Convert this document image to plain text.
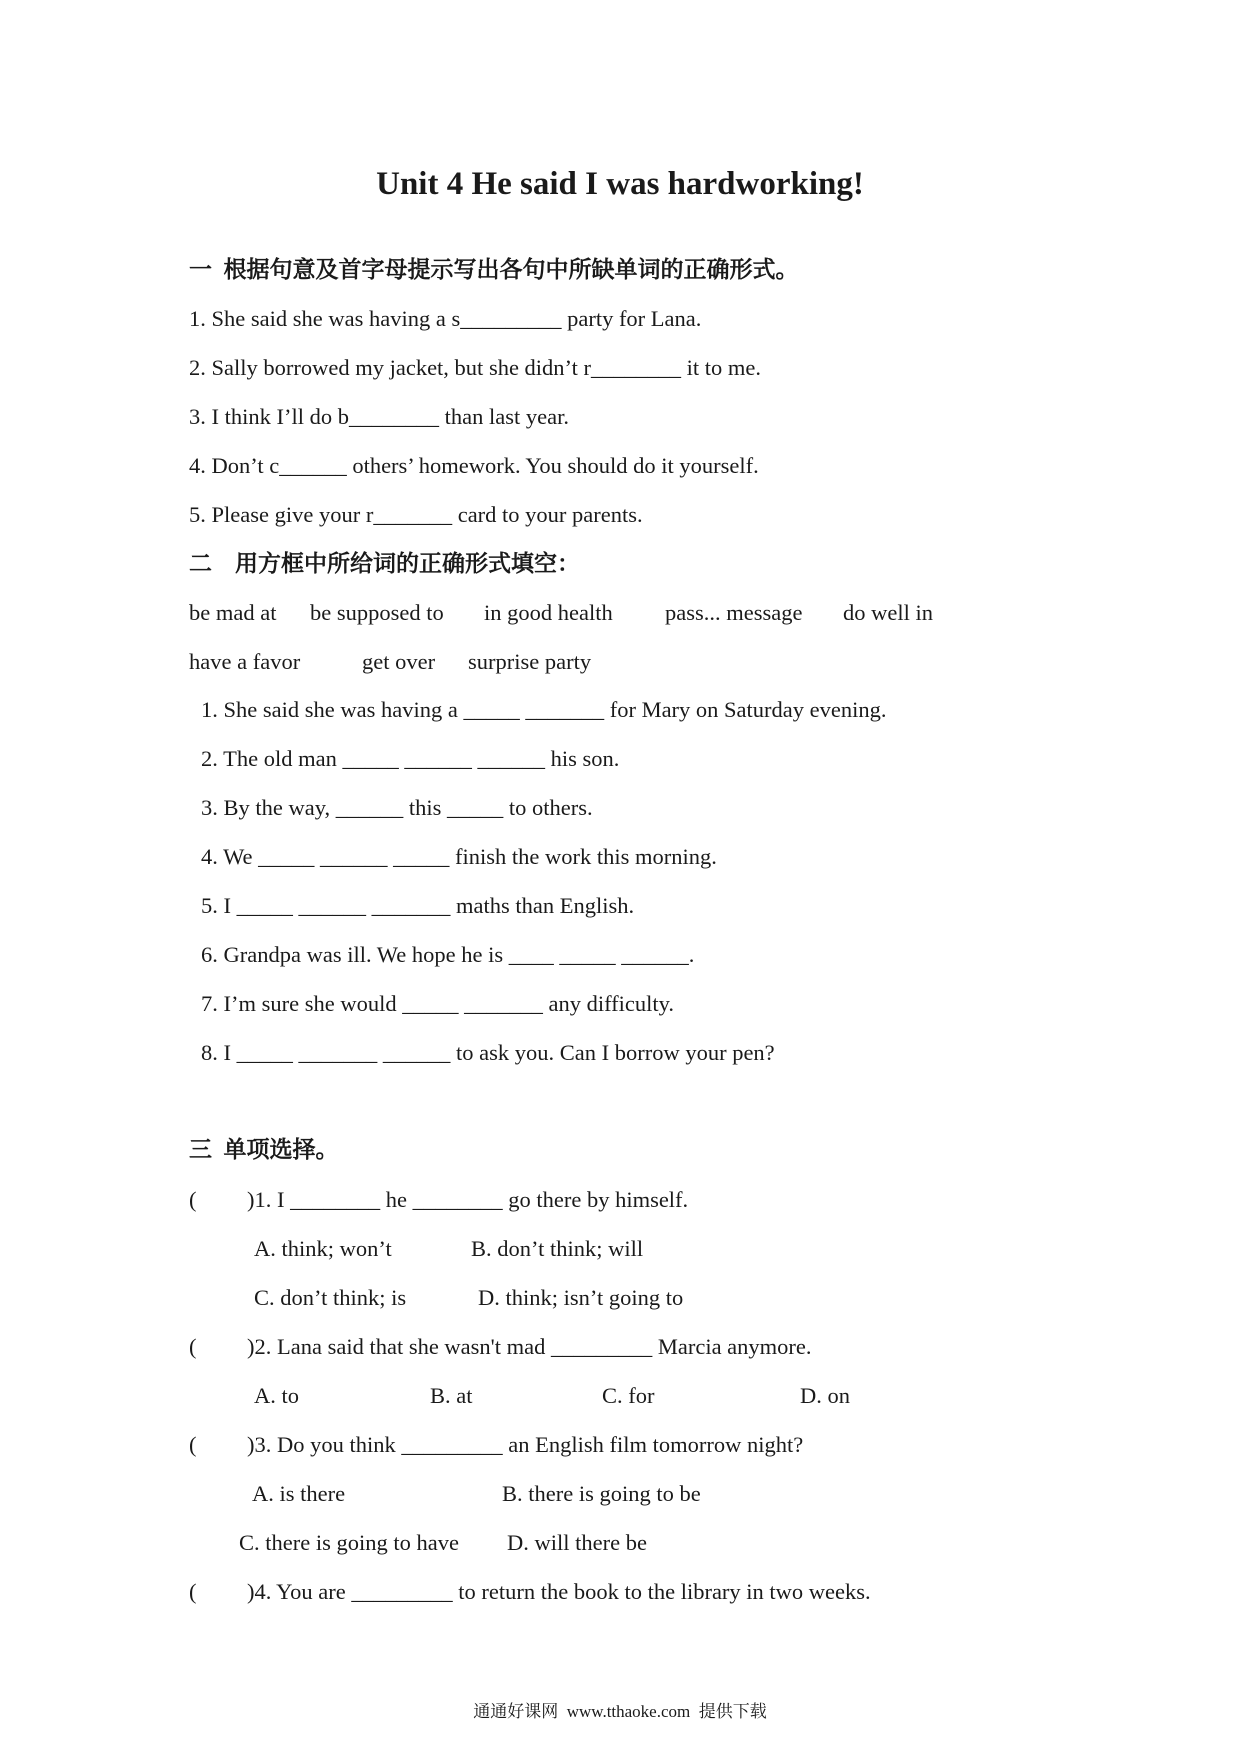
Unit 4 He said I was hardworking!
一  根据句意及首字母提示写出各句中所缺单词的正确形式。
1. She said she was having a s_________ party for Lana.
2. Sally borrowed my jacket, but she didn’t r________ it to me.
3. I think I’ll do b________ than last year.
4. Don’t c______ others’ homework. You should do it yourself.
5. Please give your r_______ card to your parents.
二    用方框中所给词的正确形式填空：
be mad at be supposed to in good health pass... message do well in
have a favor	get over surprise party
1. She said she was having a _____ _______ for Mary on Saturday evening.
2. The old man _____ ______ ______ his son.
3. By the way, ______ this _____ to others.
4. We _____ ______ _____ finish the work this morning.
5. I _____ ______ _______ maths than English.
6. Grandpa was ill. We hope he is ____ _____ ______.
7. I’m sure she would _____ _______ any difficulty.
8. I _____ _______ ______ to ask you. Can I borrow your pen?
三  单项选择。
( )1. I ________ he ________ go there by himself.
A. think; won’t	B. don’t think; will
C. don’t think; is	D. think; isn’t going to
( )2. Lana said that she wasn't mad _________ Marcia anymore.
A. to	B. at	C. for	D. on
( )3. Do you think _________ an English film tomorrow night?
A. is there	B. there is going to be
C. there is going to have D. will there be
( )4. You are _________ to return the book to the library in two weeks.
通通好课网  www.tthaoke.com  提供下载
